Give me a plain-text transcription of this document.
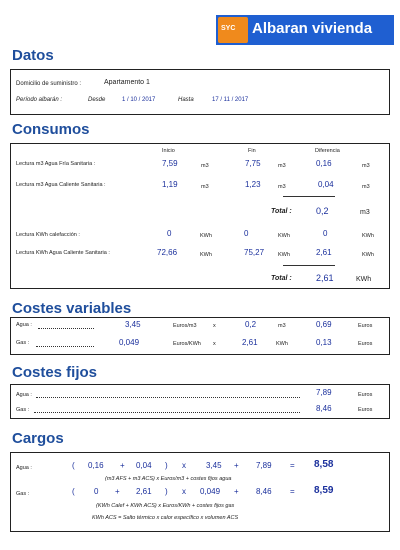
SYC Albaran vivienda
Datos
Domicilio de suministro :	Apartamento 1
Período albarán :	Desde	1 / 10 / 2017	Hasta	17 / 11 / 2017
Consumos
Inicio	Fin	Diferencia
Lectura m3 Agua Fría Sanitaria :	7,59	m3	7,75	m3	0,16	m3
Lectura m3 Agua Caliente Sanitaria :	1,19	m3	1,23	m3	0,04	m3
Total :	0,2	m3
Lectura KWh calefacción :	0	KWh	0	KWh	0	KWh
Lectura KWh Agua Caliente Sanitaria :	72,66	KWh	75,27	KWh	2,61	KWh
Total :	2,61	KWh
Costes variables
Agua :	3,45	Euros/m3	x	0,2	m3	0,69	Euros
Gas :	0,049	Euros/KWh x	2,61	KWh	0,13	Euros
Costes fijos
Agua :	7,89	Euros
Gas :	8,46	Euros
Cargos
Agua :	( 0,16 + 0,04 ) x	3,45 + 7,89 = 8,58
(m3 AFS + m3 ACS) x Euros/m3 + costes fijos agua
Gas :	( 0 + 2,61 ) x 0,049 + 8,46 = 8,59
(KWh Calef + KWh ACS) x Euros/KWh + costes fijos gas
KWh ACS = Salto térmico x calor específico x volumen ACS
